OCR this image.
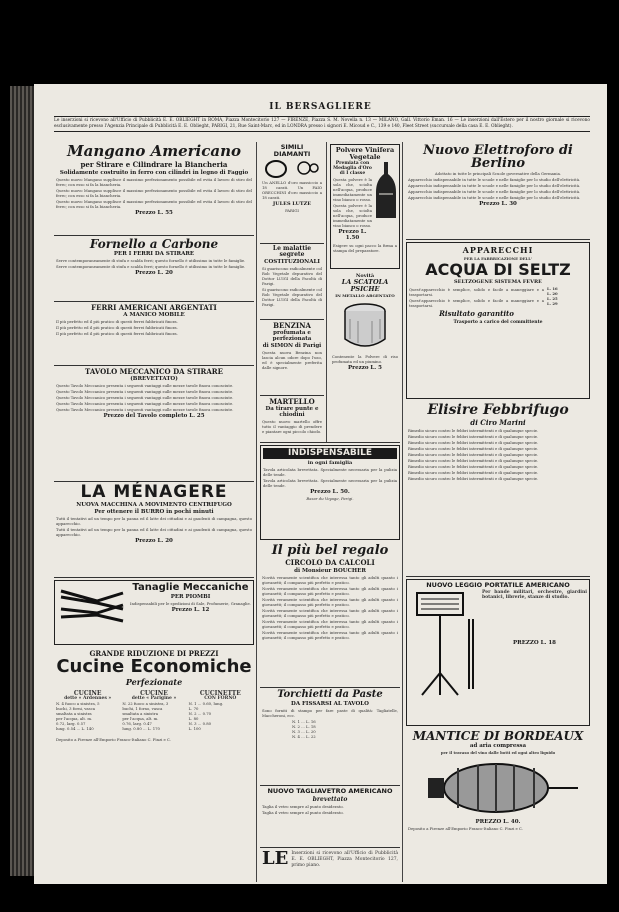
IL BERSAGLIERE
Le inserzioni si ricevono all'Ufficio di Pubblicità E. E. OBLIEGHT in ROMA, Piazza Montecitorio 127 — FIRENZE, Piazza S. M. Novella n. 13 — MILANO, Gall. Vittorio Eman. 16 — Le inserzioni dall'Estero per il nostro giornale si ricevono esclusivamente presso l'Agenzia Principale di Pubblicità E. E. Oblieght, PARIGI, 21, Rue Saint-Marc, ed in LONDRA presso i signori E. Micoud e C., 139 e 140, Fleet Street (succursale della casa E. E. Oblieght).
Mangano Americano
per Stirare e Cilindrare la Biancheria
Solidamente costruito in ferro con cilindri in legno di Faggio
Questo nuovo Mangano supplisce il massimo perfezionamento possibile ed evita il lavoro di stiro del ferro; con esso si fa la biancheria.
Questo nuovo Mangano supplisce il massimo perfezionamento possibile ed evita il lavoro di stiro del ferro; con esso si fa la biancheria.
Questo nuovo Mangano supplisce il massimo perfezionamento possibile ed evita il lavoro di stiro del ferro; con esso si fa la biancheria.
Prezzo L. 55
Fornello a Carbone
PER I FERRI DA STIRARE
Serve contemporaneamente di stufa e scalda ferri; questo fornello è utilissimo in tutte le famiglie.
Serve contemporaneamente di stufa e scalda ferri; questo fornello è utilissimo in tutte le famiglie.
Prezzo L. 20
FERRI AMERICANI ARGENTATI
A MANICO MOBILE
Il più perfetto ed il più pratico di questi ferrei fabbricati finora.
Il più perfetto ed il più pratico di questi ferrei fabbricati finora.
Il più perfetto ed il più pratico di questi ferrei fabbricati finora.
TAVOLO MECCANICO DA STIRARE
(BREVETTATO)
Questo Tavolo Meccanico presenta i seguenti vantaggi sulle mezze tavole finora conosciute.
Questo Tavolo Meccanico presenta i seguenti vantaggi sulle mezze tavole finora conosciute.
Questo Tavolo Meccanico presenta i seguenti vantaggi sulle mezze tavole finora conosciute.
Questo Tavolo Meccanico presenta i seguenti vantaggi sulle mezze tavole finora conosciute.
Questo Tavolo Meccanico presenta i seguenti vantaggi sulle mezze tavole finora conosciute.
Prezzo del Tavolo completo L. 25
LA MÉNAGERE
NUOVA MACCHINA A MOVIMENTO CENTRIFUGO
Per ottenere il BURRO in pochi minuti
Tutti il tentativi ad un tempo per la panna ed il latte dei cittadini e ai gaudenti di campagna, questo apparecchio.
Tutti il tentativi ad un tempo per la panna ed il latte dei cittadini e ai gaudenti di campagna, questo apparecchio.
Prezzo L. 20
Tanaglie Meccaniche
PER PIOMBI
Indispensabili per le spedizioni di Sale, Profumerie, Granaglie.
Prezzo L. 12
GRANDE RIDUZIONE DI PREZZI
Cucine Economiche
Perfezionate
CUCINE
dette « Ardennes »
N. 4 fuoco a sinistra, 5
buchi, 3 forni, vasca
smaltata a sinistra
per l'acqua, alt. m.
0.72, larg. 0.57
lung. 0.54 ... L. 140
CUCINE
dette « Parigine »
N. 22 fuoco a sinistra, 3
buchi, 1 forno, vasca
smaltata a sinistra
per l'acqua, alt. m.
0.76, larg. 0.47
lung. 0.80 ... L. 170
CUCINETTE
CON FORNO
N. 1 ... 0.60, lung.
L. 70
N. 2 ... 0.70
L. 80
N. 3 ... 0.80
L. 100
Deposito a Firenze all'Emporio Franco-Italiano C. Finzi e C.
SIMILI DIAMANTI
Un ANELLO d'oro massiccio a 18 carati. Un PAIO ORECCHINI d'oro massiccio a 18 carati.
JULES LUTZE
PARIGI
Le malattie segrete
COSTITUZIONALI
Si guariscono radicalmente col Rob Vegetale depurativo del Dottor LUIGI della Facoltà di Parigi.
Si guariscono radicalmente col Rob Vegetale depurativo del Dottor LUIGI della Facoltà di Parigi.
BENZINA
profumata e perfezionata
di SIMON di Parigi
Questa nuova Benzina non lascia alcun odore dopo l'uso, ed è specialmente preferita dalle signore.
MARTELLO
Da tirare punte e chiodini
Questo nuovo martello offre tutto il vantaggio di prendere e piantare ogni piccolo chiodo.
Polvere Vinifera Vegetale
Premiata con Medaglia d'Oro di I classe
Questa polvere è la sola che, sciolta nell'acqua, produce immediatamente un vino bianco o rosso.
Questa polvere è la sola che, sciolta nell'acqua, produce immediatamente un vino bianco o rosso.
Prezzo L. 1.50
Esigere su ogni pacco la firma a stampa del preparatore.
Novità
LA SCATOLA PSICHE
IN METALLO ARGENTATO
Contenente la Polvere di riso profumata ed un piumino.
Prezzo L. 5
INDISPENSABILE
in ogni famiglia
Tavola articolata brevettata. Specialmente necessaria per la pulizia delle tende.
Tavola articolata brevettata. Specialmente necessaria per la pulizia delle tende.
Prezzo L. 50.
Bazar du Voyage, Parigi.
Il più bel regalo
CIRCOLO DA CALCOLI
di Monsieur BOUCHER
Novità veramente scientifica che interessa tanto gli adulti quanto i giovanetti; il compasso più perfetto e pratico.
Novità veramente scientifica che interessa tanto gli adulti quanto i giovanetti; il compasso più perfetto e pratico.
Novità veramente scientifica che interessa tanto gli adulti quanto i giovanetti; il compasso più perfetto e pratico.
Novità veramente scientifica che interessa tanto gli adulti quanto i giovanetti; il compasso più perfetto e pratico.
Novità veramente scientifica che interessa tanto gli adulti quanto i giovanetti; il compasso più perfetto e pratico.
Novità veramente scientifica che interessa tanto gli adulti quanto i giovanetti; il compasso più perfetto e pratico.
Torchietti da Paste
DA FISSARSI AL TAVOLO
Sono forniti di stampo per fare paste di qualità: Tagliatelle, Maccheroni, ecc.
N. 1 ... L. 16
N. 2 ... L. 18
N. 3 ... L. 20
N. 4 ... L. 22
NUOVO TAGLIAVETRO AMERICANO
brevettato
Taglia il vetro sempre al punto desiderato.
Taglia il vetro sempre al punto desiderato.
LE Inserzioni si ricevono all'Ufficio di Pubblicità E. E. OBLIEGHT, Piazza Montecitorio 127, primo piano.
Nuovo Elettroforo di Berlino
Adottato in tutte le principali Scuole governative della Germania.
Apparecchio indispensabile in tutte le scuole e nelle famiglie per lo studio dell'elettricità.
Apparecchio indispensabile in tutte le scuole e nelle famiglie per lo studio dell'elettricità.
Apparecchio indispensabile in tutte le scuole e nelle famiglie per lo studio dell'elettricità.
Apparecchio indispensabile in tutte le scuole e nelle famiglie per lo studio dell'elettricità.
Prezzo L. 30
APPARECCHI
PER LA FABBRICAZIONE DELL'
ACQUA DI SELTZ
SELTZOGENE SISTEMA FEVRE
Quest'apparecchio è semplice, solido e facile a maneggiare e a trasportarsi.
Quest'apparecchio è semplice, solido e facile a maneggiare e a trasportarsi.
Risultato garantito
L. 16
L. 20
L. 25
L. 29
Trasporto a carico del committente
Elisire Febbrifugo
di Ciro Marini
Rimedio sicuro contro le febbri intermittenti e di qualunque specie.
Rimedio sicuro contro le febbri intermittenti e di qualunque specie.
Rimedio sicuro contro le febbri intermittenti e di qualunque specie.
Rimedio sicuro contro le febbri intermittenti e di qualunque specie.
Rimedio sicuro contro le febbri intermittenti e di qualunque specie.
Rimedio sicuro contro le febbri intermittenti e di qualunque specie.
Rimedio sicuro contro le febbri intermittenti e di qualunque specie.
Rimedio sicuro contro le febbri intermittenti e di qualunque specie.
Rimedio sicuro contro le febbri intermittenti e di qualunque specie.
NUOVO LEGGIO PORTATILE AMERICANO
Per bande militari, orchestre, giardini botanici, librerie, stanze di studio.
PREZZO L. 18
MANTICE DI BORDEAUX
ad aria compressa
per il travaso del vino dalle botti ed ogni altro liquido
PREZZO L. 40.
Deposito a Firenze all'Emporio Franco-Italiano C. Finzi e C.
